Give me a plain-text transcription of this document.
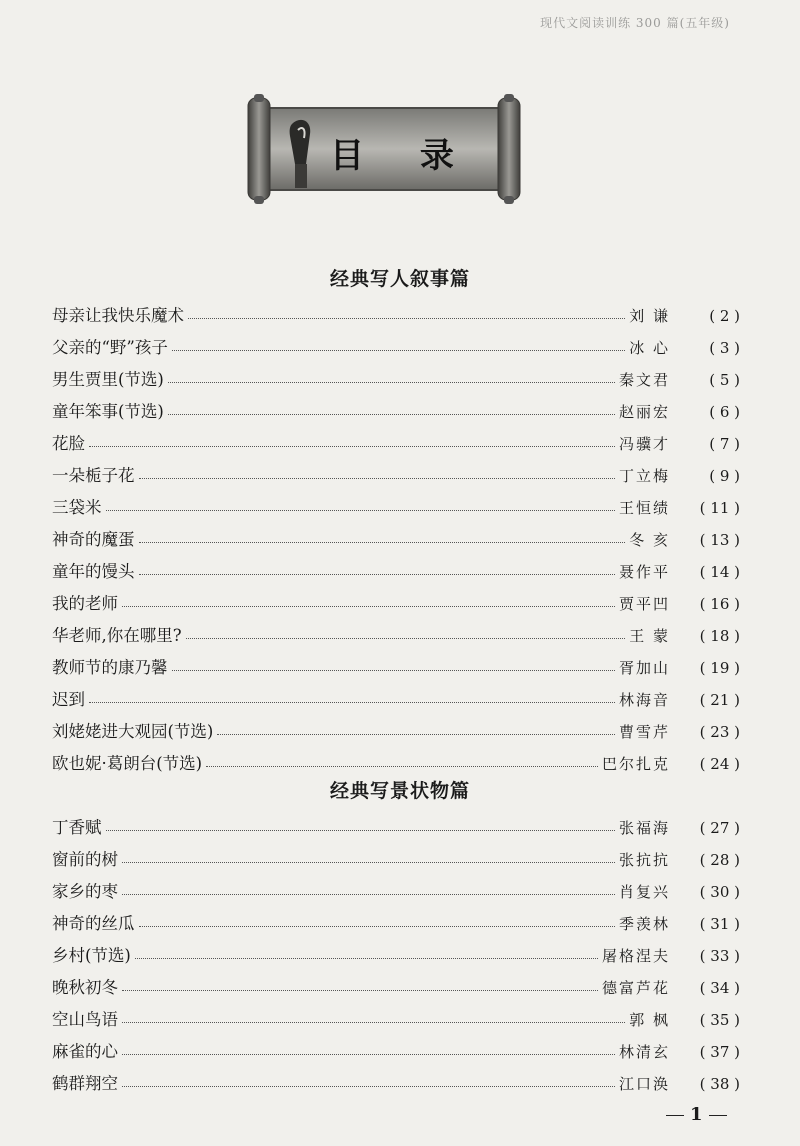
现代文阅读训练 300 篇(五年级)
目 录
经典写人叙事篇
母亲让我快乐魔术	刘 谦	( 2 )
父亲的“野”孩子	冰 心	( 3 )
男生贾里(节选)	秦文君	( 5 )
童年笨事(节选)	赵丽宏	( 6 )
花脸	冯骥才	( 7 )
一朵栀子花	丁立梅	( 9 )
三袋米	王恒绩	( 11 )
神奇的魔蛋	冬 亥	( 13 )
童年的馒头	聂作平	( 14 )
我的老师	贾平凹	( 16 )
华老师,你在哪里?	王 蒙	( 18 )
教师节的康乃馨	胥加山	( 19 )
迟到	林海音	( 21 )
刘姥姥进大观园(节选)	曹雪芹	( 23 )
欧也妮·葛朗台(节选)	巴尔扎克	( 24 )
经典写景状物篇
丁香赋	张福海	( 27 )
窗前的树	张抗抗	( 28 )
家乡的枣	肖复兴	( 30 )
神奇的丝瓜	季羡林	( 31 )
乡村(节选)	屠格涅夫	( 33 )
晚秋初冬	德富芦花	( 34 )
空山鸟语	郭 枫	( 35 )
麻雀的心	林清玄	( 37 )
鹤群翔空	江口涣	( 38 )
1
